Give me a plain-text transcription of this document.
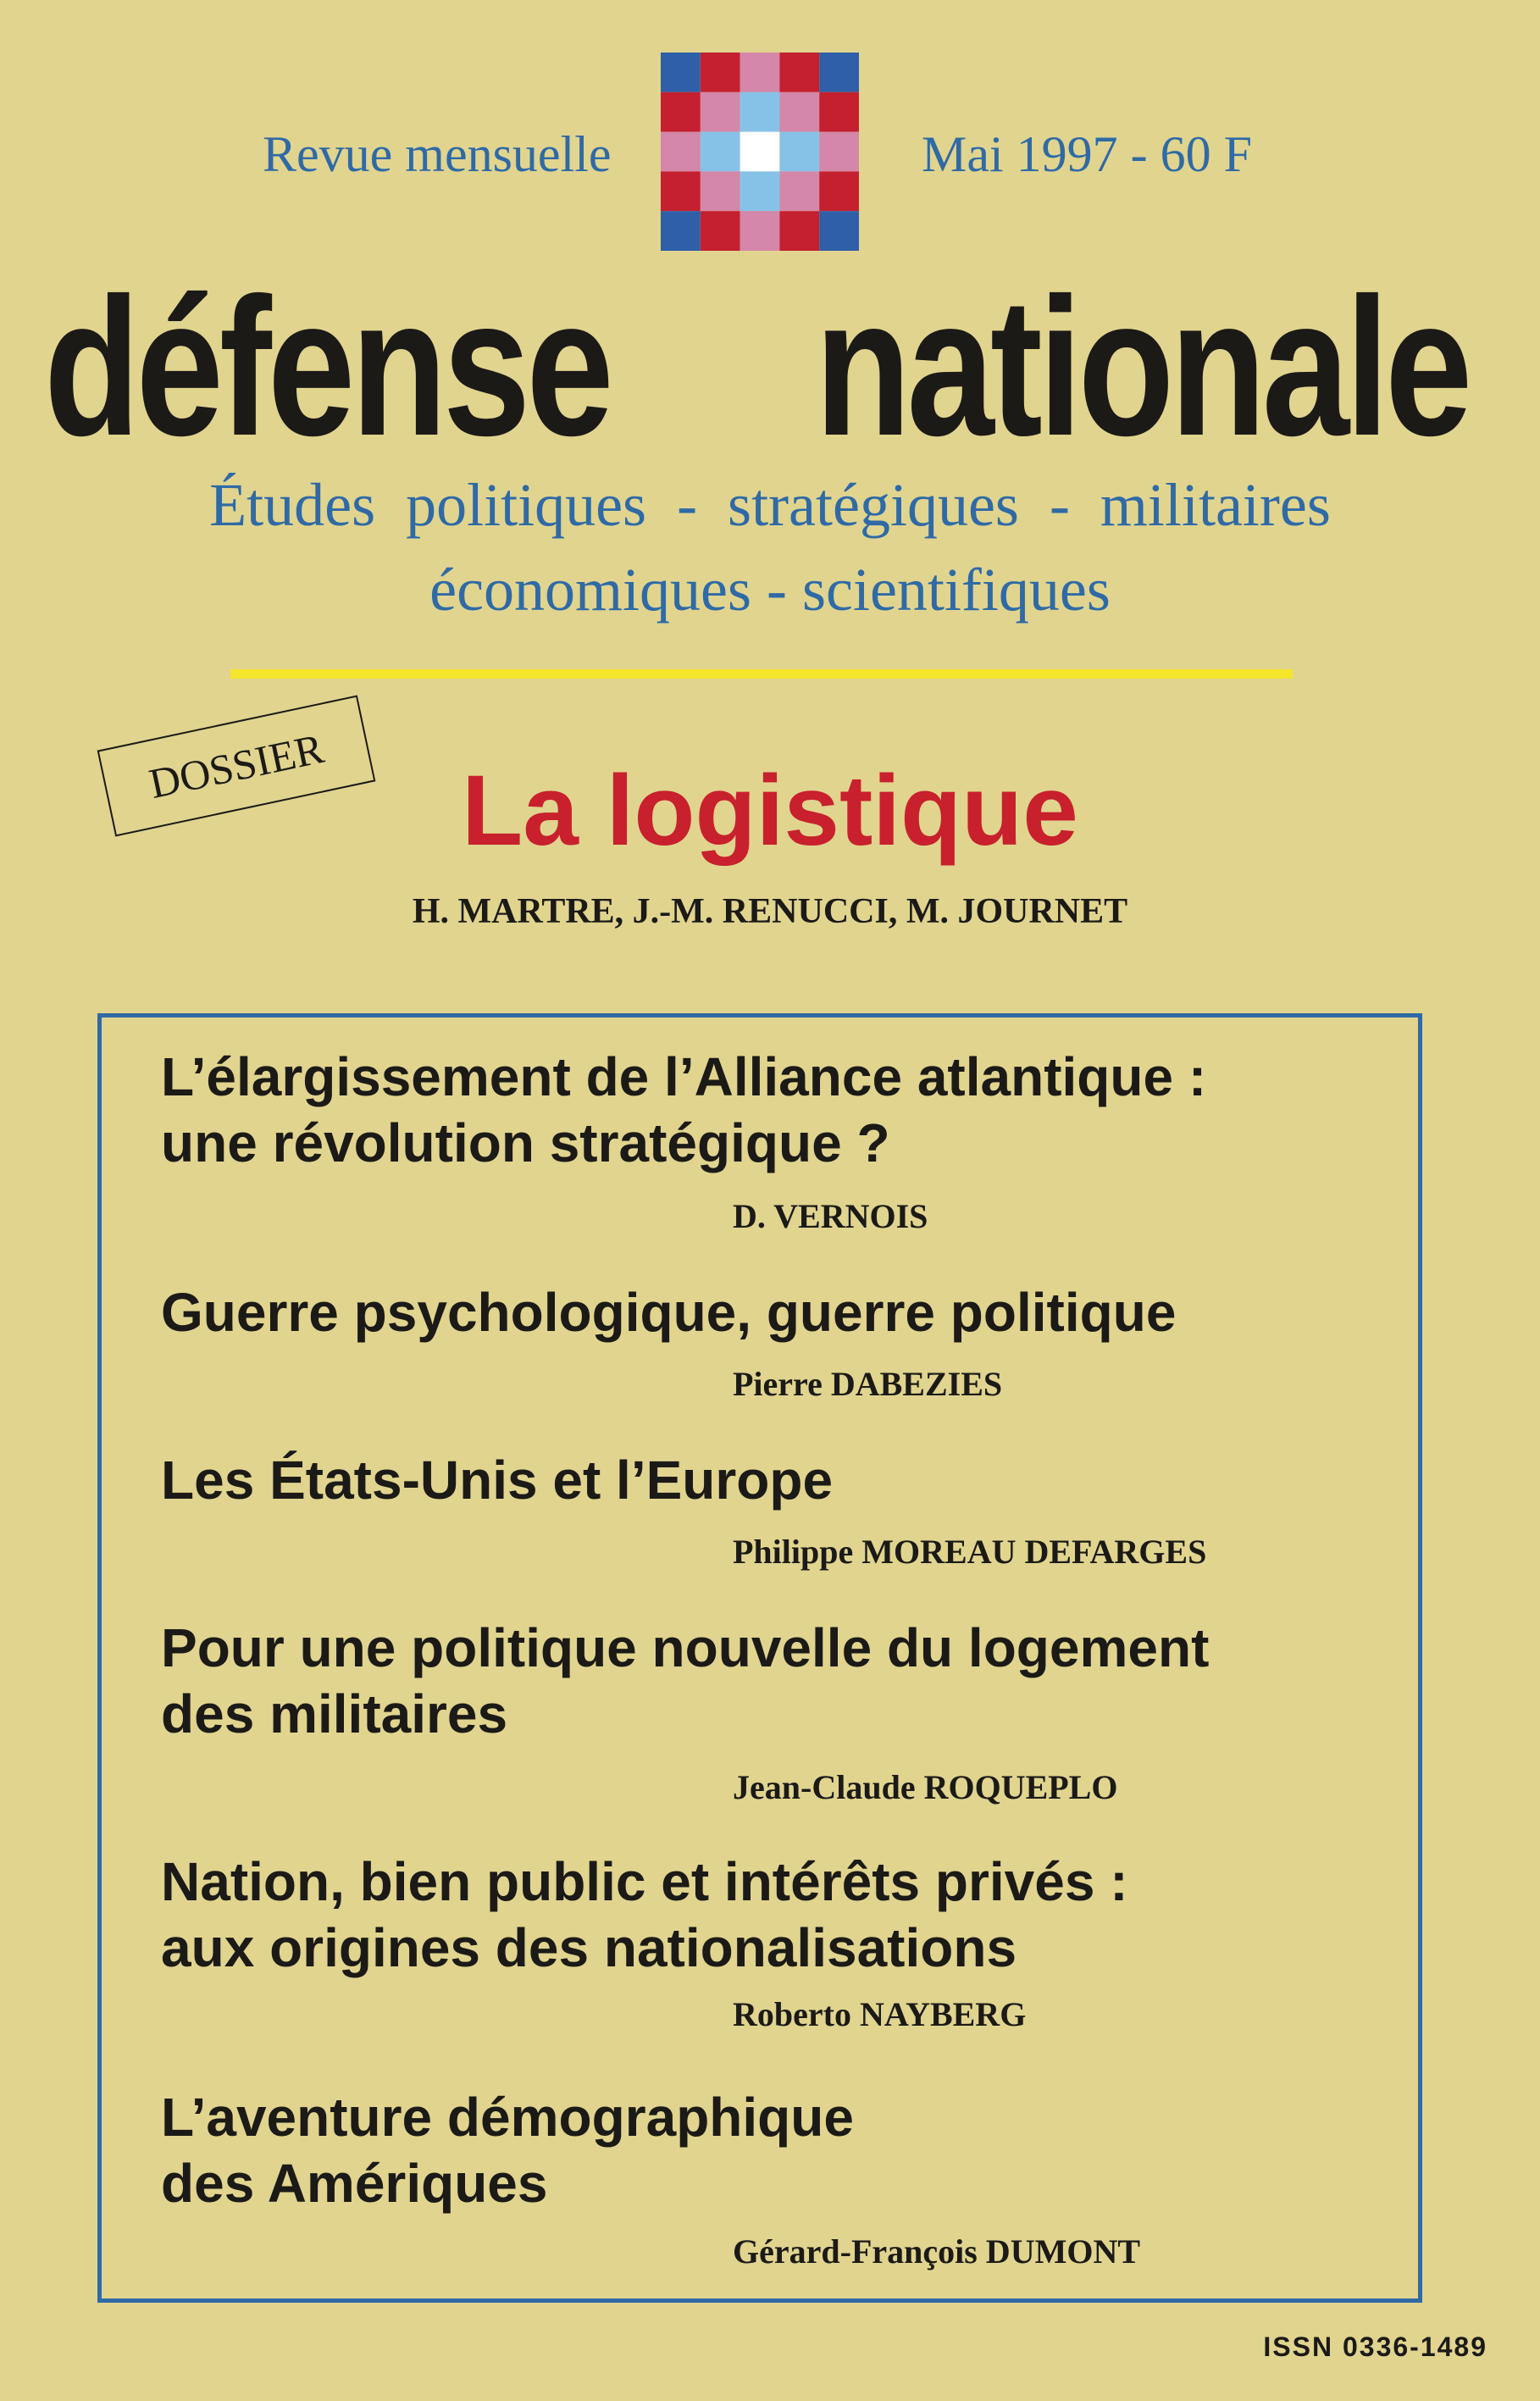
Revue mensuelle	Mai 1997 - 60 F
défense nationale
Études  politiques  -  stratégiques  -  militaires
économiques - scientifiques
DOSSIER	La logistique
H. MARTRE, J.-M. RENUCCI, M. JOURNET
L’élargissement de l’Alliance atlantique :
une révolution stratégique ?
D. VERNOIS
Guerre psychologique, guerre politique
Pierre DABEZIES
Les États-Unis et l’Europe
Philippe MOREAU DEFARGES
Pour une politique nouvelle du logement
des militaires
Jean-Claude ROQUEPLO
Nation, bien public et intérêts privés :
aux origines des nationalisations
Roberto NAYBERG
L’aventure démographique
des Amériques
Gérard-François DUMONT
ISSN 0336-1489
